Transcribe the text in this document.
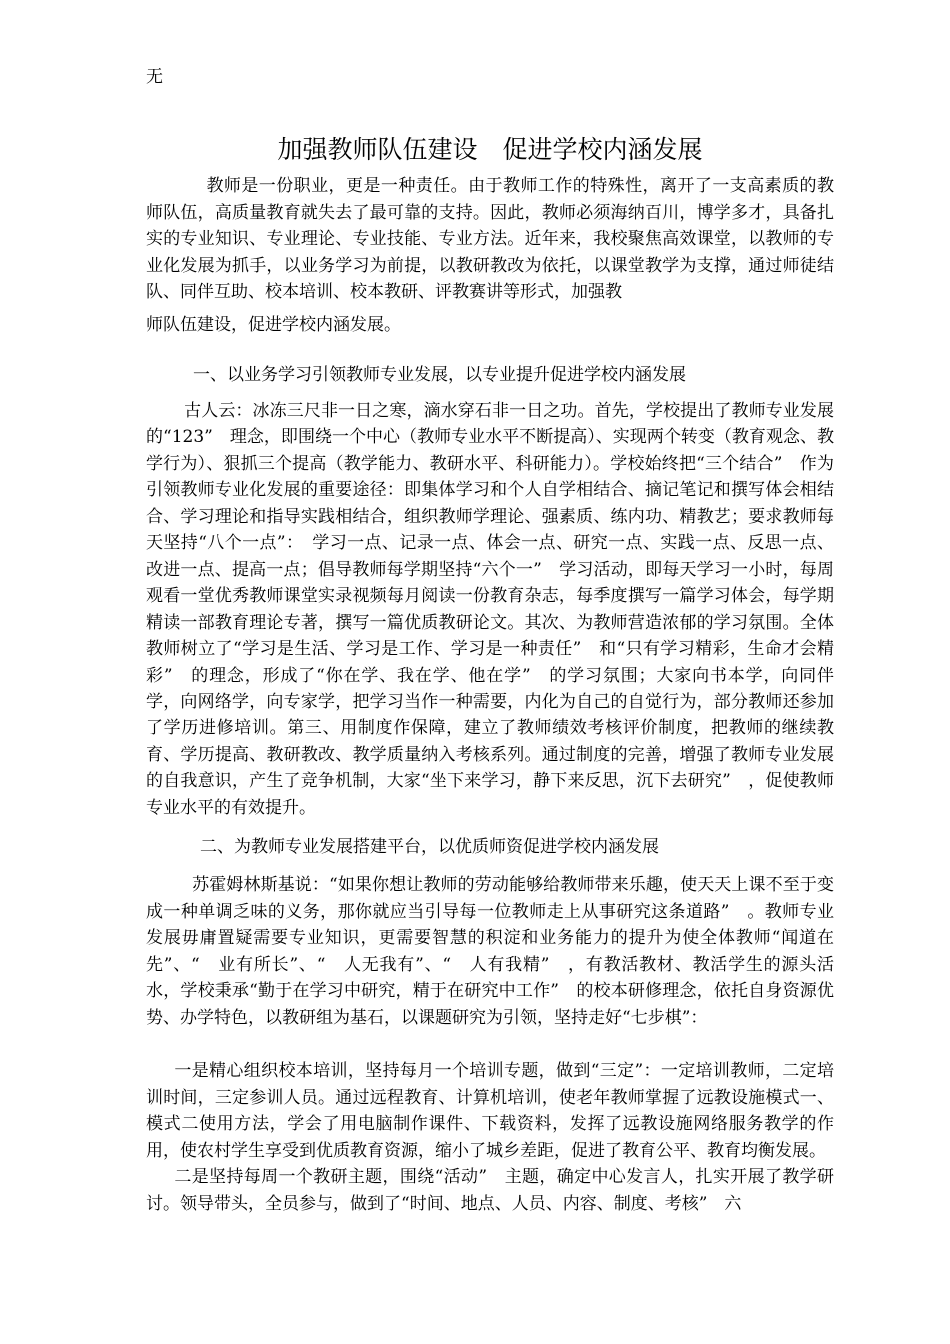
无
加强教师队伍建设　促进学校内涵发展
教师是一份职业，更是一种责任。由于教师工作的特殊性，离开了一支高素质的教师队伍，高质量教育就失去了最可靠的支持。因此，教师必须海纳百川，博学多才，具备扎实的专业知识、专业理论、专业技能、专业方法。近年来，我校聚焦高效课堂，以教师的专业化发展为抓手，以业务学习为前提，以教研教改为依托，以课堂教学为支撑，通过师徒结队、同伴互助、校本培训、校本教研、评教赛讲等形式，加强教
师队伍建设，促进学校内涵发展。
一、以业务学习引领教师专业发展，以专业提升促进学校内涵发展
古人云：冰冻三尺非一日之寒，滴水穿石非一日之功。首先，学校提出了教师专业发展的“123”　理念，即围绕一个中心（教师专业水平不断提高）、实现两个转变（教育观念、教学行为）、狠抓三个提高（教学能力、教研水平、科研能力）。学校始终把“三个结合”　作为引领教师专业化发展的重要途径：即集体学习和个人自学相结合、摘记笔记和撰写体会相结合、学习理论和指导实践相结合，组织教师学理论、强素质、练内功、精教艺；要求教师每天坚持“八个一点”：　学习一点、记录一点、体会一点、研究一点、实践一点、反思一点、改进一点、提高一点；倡导教师每学期坚持“六个一”　学习活动，即每天学习一小时，每周观看一堂优秀教师课堂实录视频每月阅读一份教育杂志，每季度撰写一篇学习体会，每学期精读一部教育理论专著，撰写一篇优质教研论文。其次、为教师营造浓郁的学习氛围。全体教师树立了“学习是生活、学习是工作、学习是一种责任”　和“只有学习精彩，生命才会精彩”　的理念，形成了“你在学、我在学、他在学”　的学习氛围；大家向书本学，向同伴学，向网络学，向专家学，把学习当作一种需要，内化为自己的自觉行为，部分教师还参加了学历进修培训。第三、用制度作保障，建立了教师绩效考核评价制度，把教师的继续教育、学历提高、教研教改、教学质量纳入考核系列。通过制度的完善，增强了教师专业发展的自我意识，产生了竞争机制，大家“坐下来学习，静下来反思，沉下去研究”　，促使教师专业水平的有效提升。
二、为教师专业发展搭建平台，以优质师资促进学校内涵发展
苏霍姆林斯基说：“如果你想让教师的劳动能够给教师带来乐趣，使天天上课不至于变成一种单调乏味的义务，那你就应当引导每一位教师走上从事研究这条道路”　。教师专业发展毋庸置疑需要专业知识，更需要智慧的积淀和业务能力的提升为使全体教师“闻道在先”、“　业有所长”、“　人无我有”、“　人有我精”　，有教活教材、教活学生的源头活水，学校秉承“勤于在学习中研究，精于在研究中工作”　的校本研修理念，依托自身资源优势、办学特色，以教研组为基石，以课题研究为引领，坚持走好“七步棋”：
一是精心组织校本培训，坚持每月一个培训专题，做到“三定”：一定培训教师，二定培训时间，三定参训人员。通过远程教育、计算机培训，使老年教师掌握了远教设施模式一、模式二使用方法，学会了用电脑制作课件、下载资料，发挥了远教设施网络服务教学的作用，使农村学生享受到优质教育资源，缩小了城乡差距，促进了教育公平、教育均衡发展。
二是坚持每周一个教研主题，围绕“活动”　主题，确定中心发言人，扎实开展了教学研讨。领导带头，全员参与，做到了“时间、地点、人员、内容、制度、考核”　六
